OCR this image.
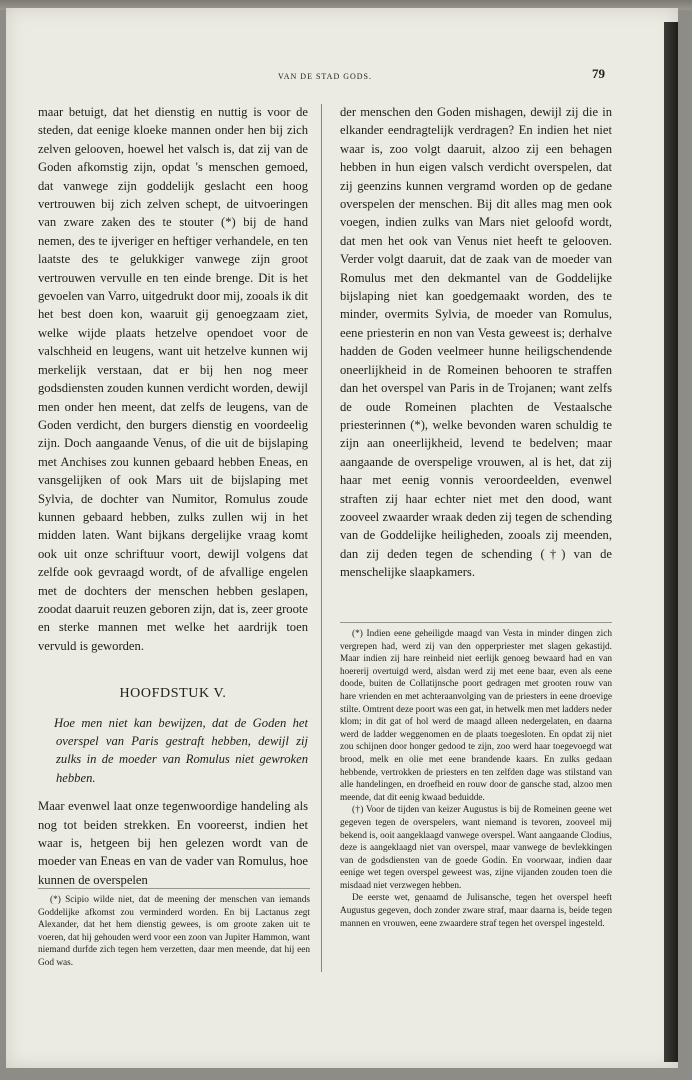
VAN DE STAD GODS.	79

maar betuigt, dat het dienstig en nuttig is voor de steden, dat eenige kloeke mannen onder hen bij zich zelven gelooven, hoewel het valsch is, dat zij van de Goden afkomstig zijn, opdat 's menschen gemoed, dat vanwege zijn goddelijk geslacht een hoog vertrouwen bij zich zelven schept, de uitvoeringen van zware zaken des te stouter (*) bij de hand nemen, des te ijveriger en heftiger verhandele, en ten laatste des te gelukkiger vanwege zijn groot vertrouwen vervulle en ten einde brenge. Dit is het gevoelen van Varro, uitgedrukt door mij, zooals ik dit het best doen kon, waaruit gij genoegzaam ziet, welke wijde plaats hetzelve opendoet voor de valschheid en leugens, want uit hetzelve kunnen wij merkelijk verstaan, dat er bij hen nog meer godsdiensten zouden kunnen verdicht worden, dewijl men onder hen meent, dat zelfs de leugens, van de Goden verdicht, den burgers dienstig en voordeelig zijn. Doch aangaande Venus, of die uit de bijslaping met Anchises zou kunnen gebaard hebben Eneas, en vansgelijken of ook Mars uit de bijslaping met Sylvia, de dochter van Numitor, Romulus zoude kunnen gebaard hebben, zulks zullen wij in het midden laten. Want bijkans dergelijke vraag komt ook uit onze schriftuur voort, dewijl volgens dat zelfde ook gevraagd wordt, of de afvallige engelen met de dochters der menschen hebben geslapen, zoodat daaruit reuzen geboren zijn, dat is, zeer groote en sterke mannen met welke het aardrijk toen vervuld is geworden.

HOOFDSTUK V.

Hoe men niet kan bewijzen, dat de Goden het overspel van Paris gestraft hebben, dewijl zij zulks in de moeder van Romulus niet gewroken hebben.

Maar evenwel laat onze tegenwoordige handeling als nog tot beiden strekken. En vooreerst, indien het waar is, hetgeen bij hen gelezen wordt van de moeder van Eneas en van de vader van Romulus, hoe kunnen de overspelen

der menschen den Goden mishagen, dewijl zij die in elkander eendragtelijk verdragen? En indien het niet waar is, zoo volgt daaruit, alzoo zij een behagen hebben in hun eigen valsch verdicht overspelen, dat zij geenzins kunnen vergramd worden op de gedane overspelen der menschen. Bij dit alles mag men ook voegen, indien zulks van Mars niet geloofd wordt, dat men het ook van Venus niet heeft te gelooven. Verder volgt daaruit, dat de zaak van de moeder van Romulus met den dekmantel van de Goddelijke bijslaping niet kan goedgemaakt worden, des te minder, overmits Sylvia, de moeder van Romulus, eene priesterin en non van Vesta geweest is; derhalve hadden de Goden veelmeer hunne heiligschendende oneerlijkheid in de Romeinen behooren te straffen dan het overspel van Paris in de Trojanen; want zelfs de oude Romeinen plachten de Vestaalsche priesterinnen (*), welke bevonden waren schuldig te zijn aan oneerlijkheid, levend te bedelven; maar aangaande de overspelige vrouwen, al is het, dat zij haar met eenig vonnis veroordeelden, evenwel straften zij haar echter niet met den dood, want zooveel zwaarder wraak deden zij tegen de schending van de Goddelijke heiligheden, zooals zij meenden, dan zij deden tegen de schending (†) van de menschelijke slaapkamers.

(*) Scipio wilde niet, dat de meening der menschen van iemands Goddelijke afkomst zou verminderd worden. En bij Lactanus zegt Alexander, dat het hem dienstig gewees, is om groote zaken uit te voeren, dat hij gehouden werd voor een zoon van Jupiter Hammon, want niemand durfde zich tegen hem verzetten, daar men meende, dat hij een God was.

(*) Indien eene geheiligde maagd van Vesta in minder dingen zich vergrepen had, werd zij van den opperpriester met slagen gekastijd. Maar indien zij hare reinheid niet eerlijk genoeg bewaard had en van hoererij overtuigd werd, alsdan werd zij met eene baar, even als eene doode, buiten de Collatijnsche poort gedragen met grooten rouw van hare vrienden en met achteraanvolging van de priesters in eene droevige stilte. Omtrent deze poort was een gat, in hetwelk men met ladders neder klom; in dit gat of hol werd de maagd alleen nedergelaten, en daarna werd de ladder weggenomen en de plaats toegesloten. En opdat zij niet zou schijnen door honger gedood te zijn, zoo werd haar toegevoegd wat brood, melk en olie met eene brandende kaars. En zulks gedaan hebbende, vertrokken de priesters en ten zelfden dage was stilstand van alle handelingen, en droefheid en rouw door de gansche stad, alzoo men meende, dat dit eenig kwaad beduidde.

(†) Voor de tijden van keizer Augustus is bij de Romeinen geene wet gegeven tegen de overspelers, want niemand is tevoren, zooveel mij bekend is, ooit aangeklaagd vanwege overspel. Want aangaande Clodius, deze is aangeklaagd niet van overspel, maar vanwege de bevlekkingen van de godsdiensten van de goede Godin. En voorwaar, indien daar eenige wet tegen overspel geweest was, zijne vijanden zouden toen die misdaad niet verzwegen hebben.

De eerste wet, genaamd de Julisansche, tegen het overspel heeft Augustus gegeven, doch zonder zware straf, maar daarna is, beide tegen mannen en vrouwen, eene zwaardere straf tegen het overspel ingesteld.
